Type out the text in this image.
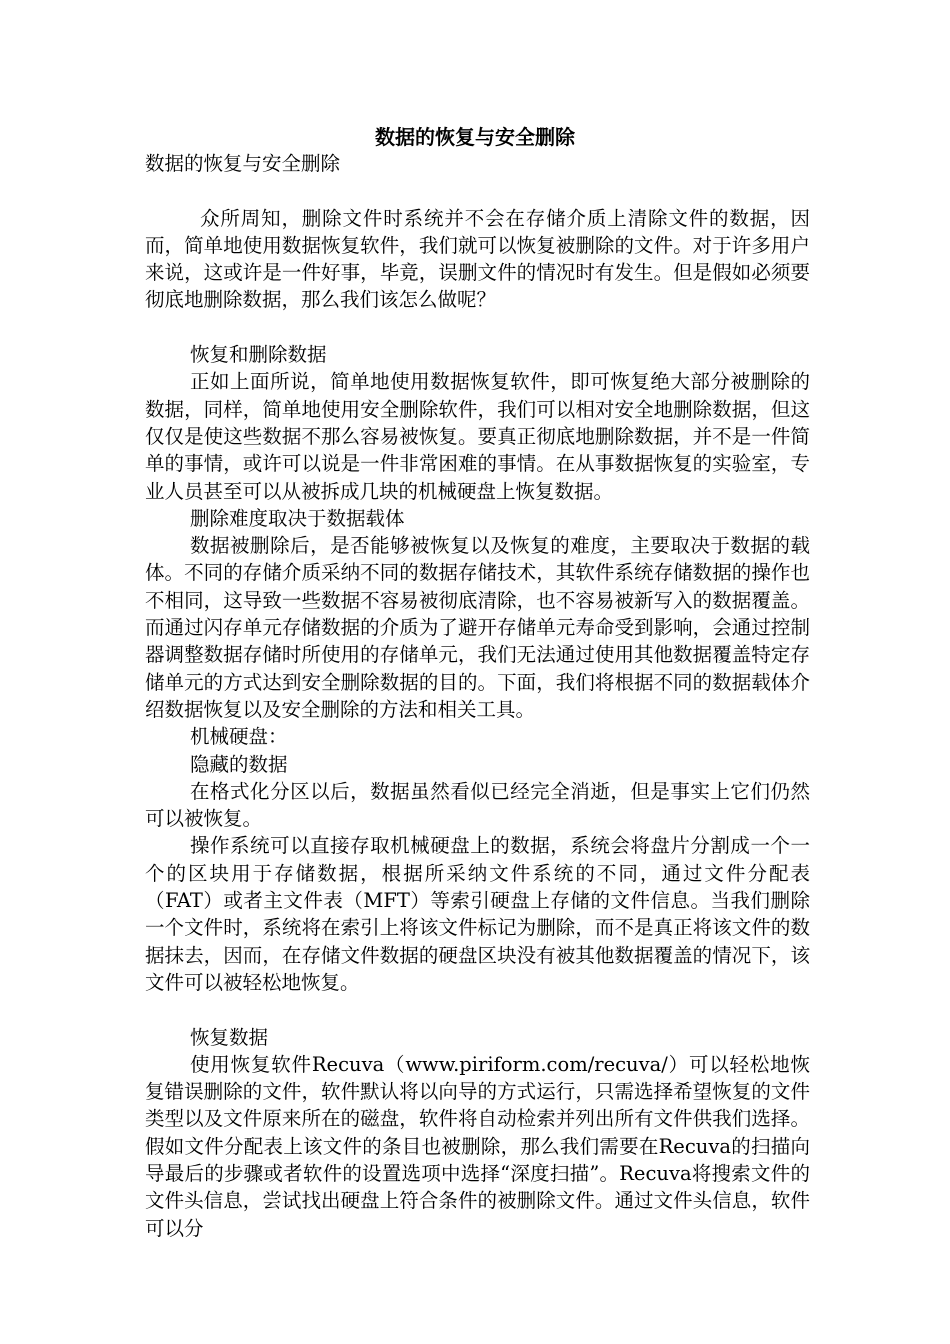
数据的恢复与安全删除

数据的恢复与安全删除

众所周知，删除文件时系统并不会在存储介质上清除文件的数据，因而，简单地使用数据恢复软件，我们就可以恢复被删除的文件。对于许多用户来说，这或许是一件好事，毕竟，误删文件的情况时有发生。但是假如必须要彻底地删除数据，那么我们该怎么做呢？

恢复和删除数据

正如上面所说，简单地使用数据恢复软件，即可恢复绝大部分被删除的数据，同样，简单地使用安全删除软件，我们可以相对安全地删除数据，但这仅仅是使这些数据不那么容易被恢复。要真正彻底地删除数据，并不是一件简单的事情，或许可以说是一件非常困难的事情。在从事数据恢复的实验室，专业人员甚至可以从被拆成几块的机械硬盘上恢复数据。

删除难度取决于数据载体

数据被删除后，是否能够被恢复以及恢复的难度，主要取决于数据的载体。不同的存储介质采纳不同的数据存储技术，其软件系统存储数据的操作也不相同，这导致一些数据不容易被彻底清除，也不容易被新写入的数据覆盖。而通过闪存单元存储数据的介质为了避开存储单元寿命受到影响，会通过控制器调整数据存储时所使用的存储单元，我们无法通过使用其他数据覆盖特定存储单元的方式达到安全删除数据的目的。下面，我们将根据不同的数据载体介绍数据恢复以及安全删除的方法和相关工具。

机械硬盘：

隐藏的数据

在格式化分区以后，数据虽然看似已经完全消逝，但是事实上它们仍然可以被恢复。

操作系统可以直接存取机械硬盘上的数据，系统会将盘片分割成一个一个的区块用于存储数据，根据所采纳文件系统的不同，通过文件分配表（FAT）或者主文件表（MFT）等索引硬盘上存储的文件信息。当我们删除一个文件时，系统将在索引上将该文件标记为删除，而不是真正将该文件的数据抹去，因而，在存储文件数据的硬盘区块没有被其他数据覆盖的情况下，该文件可以被轻松地恢复。

恢复数据

使用恢复软件Recuva（www.piriform.com/recuva/）可以轻松地恢复错误删除的文件，软件默认将以向导的方式运行，只需选择希望恢复的文件类型以及文件原来所在的磁盘，软件将自动检索并列出所有文件供我们选择。假如文件分配表上该文件的条目也被删除，那么我们需要在Recuva的扫描向导最后的步骤或者软件的设置选项中选择“深度扫描”。Recuva将搜索文件的文件头信息，尝试找出硬盘上符合条件的被删除文件。通过文件头信息，软件可以分
